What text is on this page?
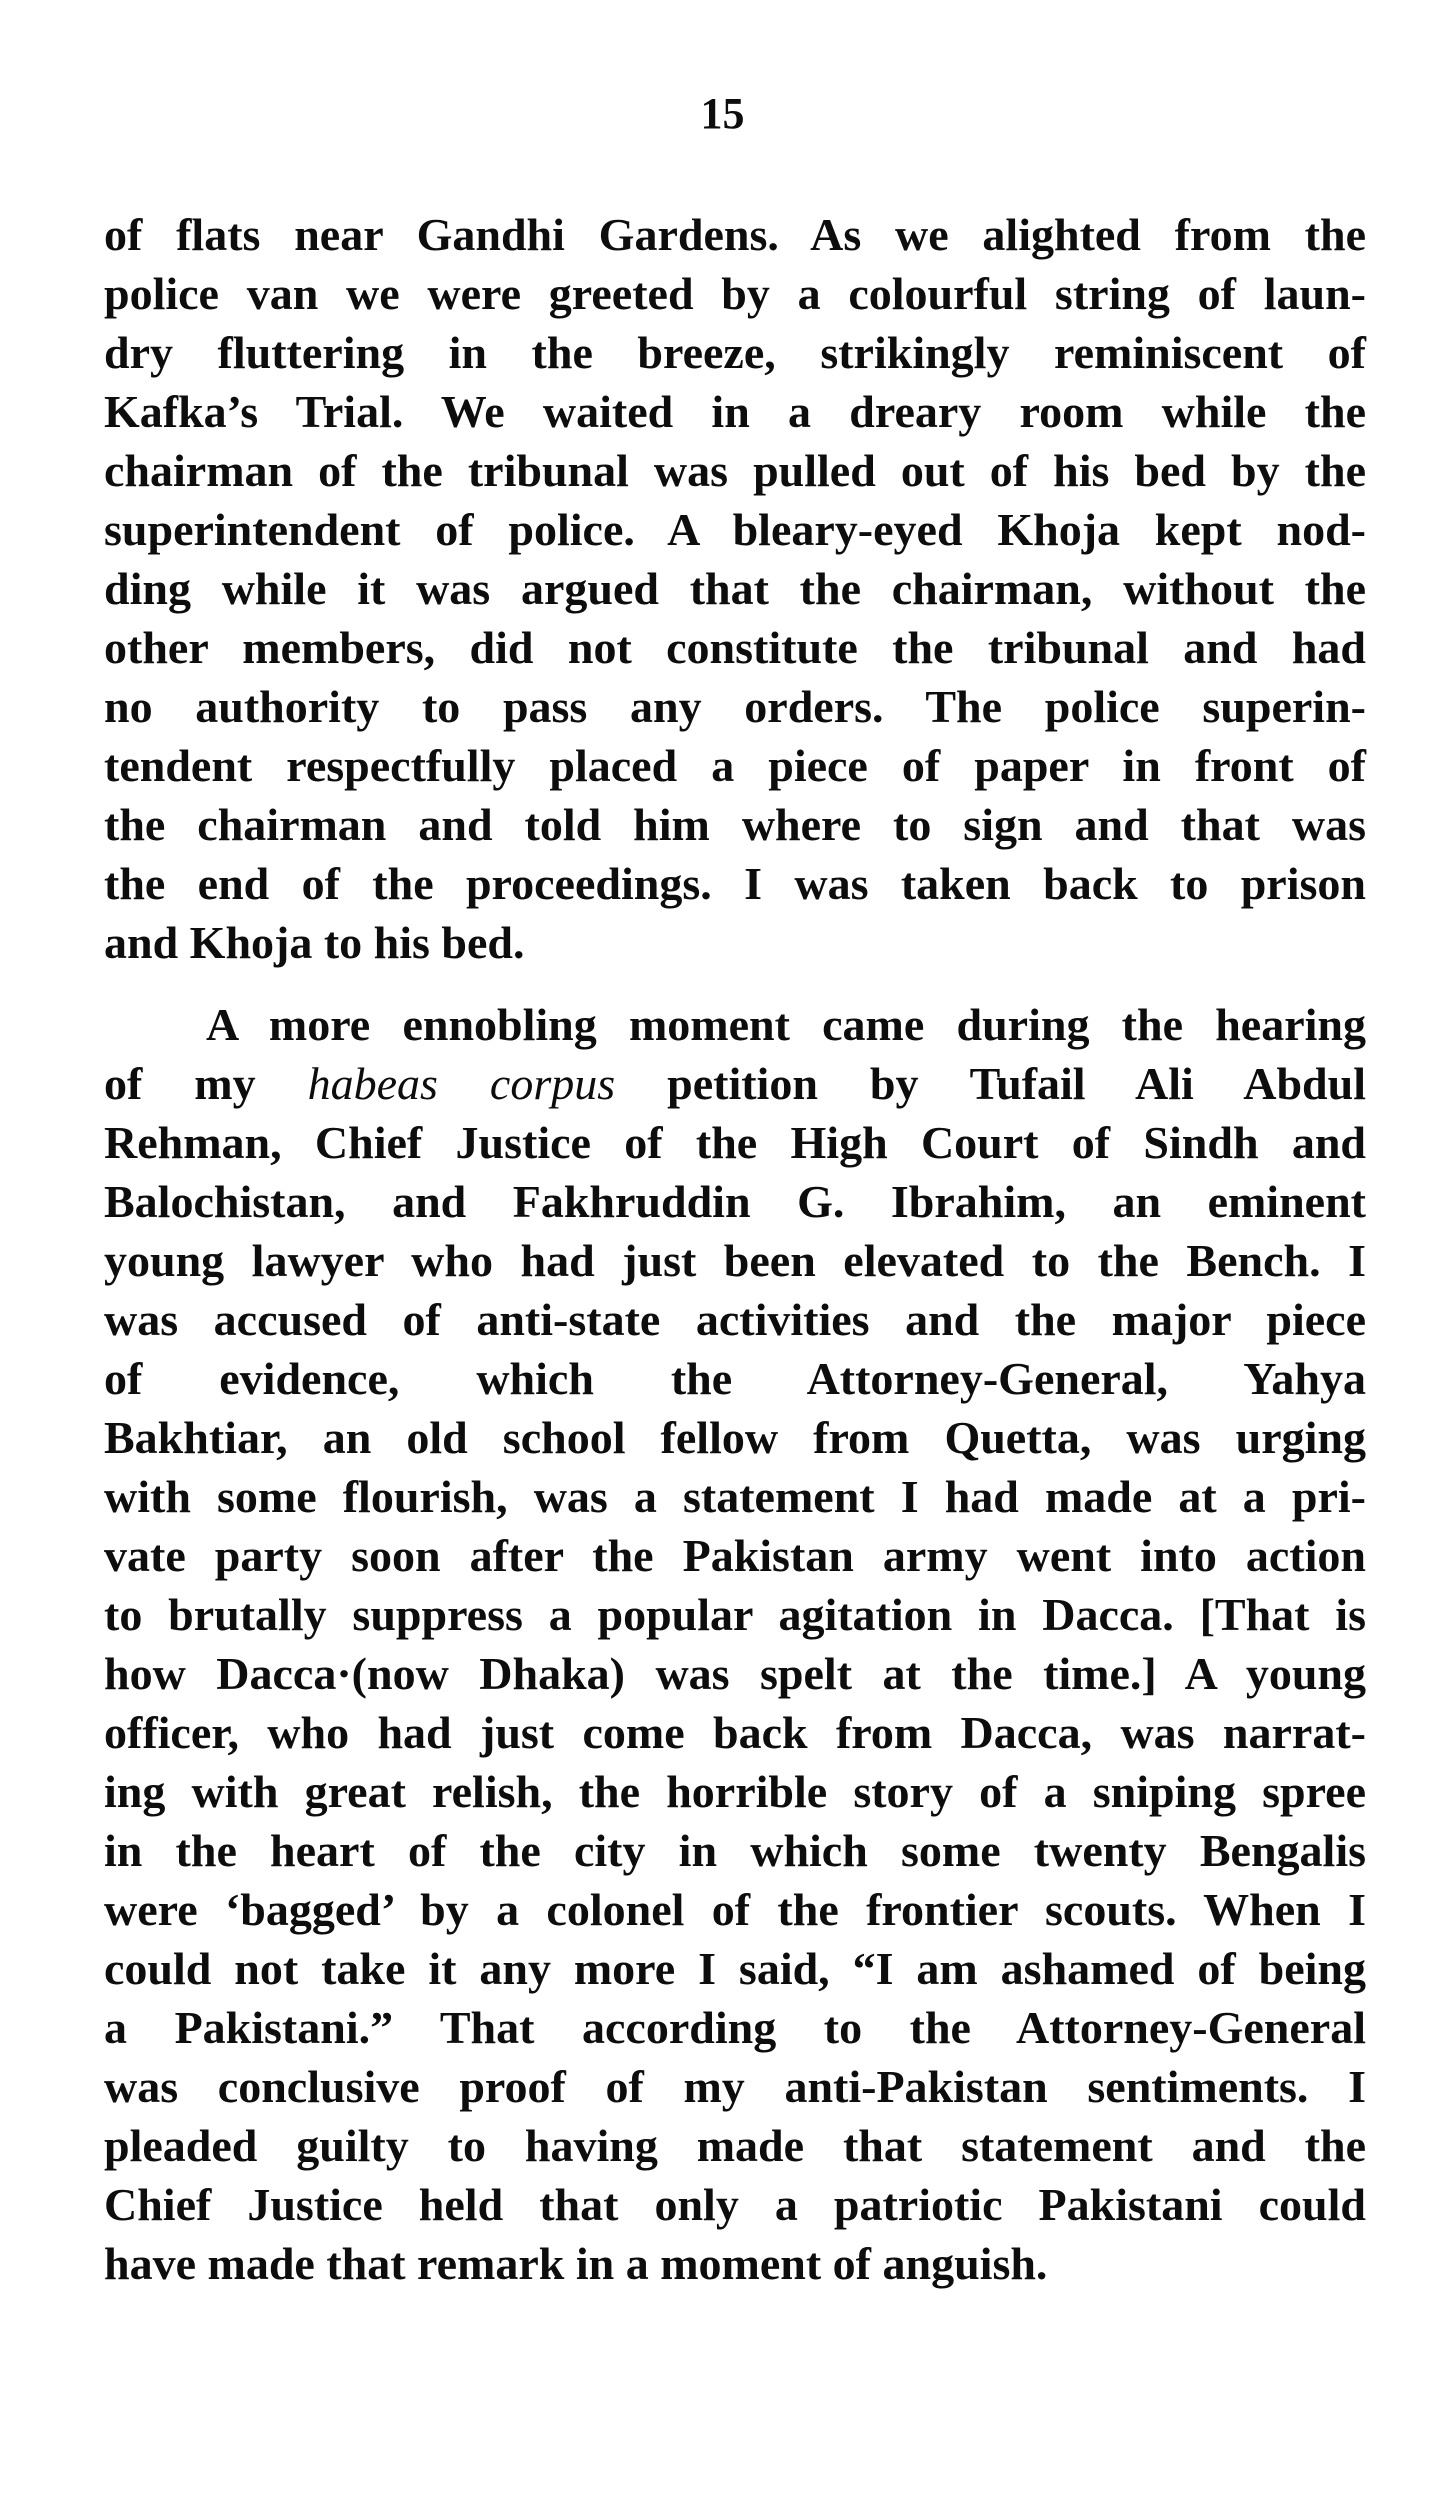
15
of flats near Gandhi Gardens. As we alighted from the
police van we were greeted by a colourful string of laun-
dry fluttering in the breeze, strikingly reminiscent of
Kafka’s Trial. We waited in a dreary room while the
chairman of the tribunal was pulled out of his bed by the
superintendent of police. A bleary-eyed Khoja kept nod-
ding while it was argued that the chairman, without the
other members, did not constitute the tribunal and had
no authority to pass any orders. The police superin-
tendent respectfully placed a piece of paper in front of
the chairman and told him where to sign and that was
the end of the proceedings. I was taken back to prison
and Khoja to his bed.
A more ennobling moment came during the hearing
of my habeas corpus petition by Tufail Ali Abdul
Rehman, Chief Justice of the High Court of Sindh and
Balochistan, and Fakhruddin G. Ibrahim, an eminent
young lawyer who had just been elevated to the Bench. I
was accused of anti-state activities and the major piece
of evidence, which the Attorney-General, Yahya
Bakhtiar, an old school fellow from Quetta, was urging
with some flourish, was a statement I had made at a pri-
vate party soon after the Pakistan army went into action
to brutally suppress a popular agitation in Dacca. [That is
how Dacca·(now Dhaka) was spelt at the time.] A young
officer, who had just come back from Dacca, was narrat-
ing with great relish, the horrible story of a sniping spree
in the heart of the city in which some twenty Bengalis
were ‘bagged’ by a colonel of the frontier scouts. When I
could not take it any more I said, “I am ashamed of being
a Pakistani.” That according to the Attorney-General
was conclusive proof of my anti-Pakistan sentiments. I
pleaded guilty to having made that statement and the
Chief Justice held that only a patriotic Pakistani could
have made that remark in a moment of anguish.
